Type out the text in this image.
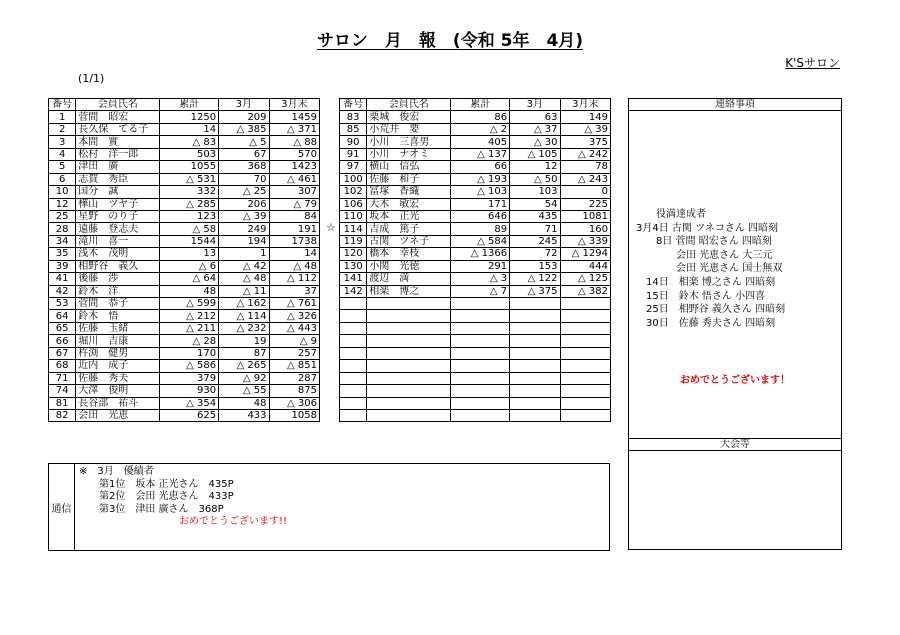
サロン　月　報　(令和 5年　4月)
K'Sサロン
(1/1)
番号	会員氏名	累計	3月	3月末
1	菅間　昭宏	1250	209	1459
2	長久保　てる子	14	△ 385	△ 371
3	本間　實	△ 83	△ 5	△ 88
4	松村　洋一郎	503	67	570
5	津田　廣	1055	368	1423
6	志賀　秀臣	△ 531	70	△ 461
10	国分　誠	332	△ 25	307
12	樺山　ツヤ子	△ 285	206	△ 79
25	星野　のり子	123	△ 39	84
28	遠藤　登志夫	△ 58	249	191
34	滝川　喜一	1544	194	1738
35	浅木　茂明	13	1	14
39	相野谷　義久	△ 6	△ 42	△ 48
41	後藤　渉	△ 64	△ 48	△ 112
42	鈴木　洋	48	△ 11	37
53	菅間　恭子	△ 599	△ 162	△ 761
64	鈴木　悟	△ 212	△ 114	△ 326
65	佐藤　玉緒	△ 211	△ 232	△ 443
66	堀川　吉康	△ 28	19	△ 9
67	杵渕　健男	170	87	257
68	近内　成子	△ 586	△ 265	△ 851
71	佐藤　秀夫	379	△ 92	287
74	大澤　俊明	930	△ 55	875
81	長谷部　祐斗	△ 354	48	△ 306
82	会田　光恵	625	433	1058
☆
番号	会員氏名	累計	3月	3月末
83	栗城　俊宏	86	63	149
85	小荒井　要	△ 2	△ 37	△ 39
90	小川　三喜男	405	△ 30	375
91	小川　ナオミ	△ 137	△ 105	△ 242
97	横山　信弘	66	12	78
100	佐藤　和子	△ 193	△ 50	△ 243
102	冨塚　香織	△ 103	103	0
106	大木　敏宏	171	54	225
110	坂本　正光	646	435	1081
114	吉成　篤子	89	71	160
119	古関　ツネ子	△ 584	245	△ 339
120	橋本　幸枝	△ 1366	72	△ 1294
130	小関　光徳	291	153	444
141	渡辺　満	△ 3	△ 122	△ 125
142	相楽　博之	△ 7	△ 375	△ 382

連絡事項
　　役満達成者
3月4日 古関 ツネコさん 四暗刻
　　8日 菅間 昭宏さん 四暗刻
　　　　会田 光恵さん 大三元
　　　　会田 光恵さん 国士無双
　14日　相楽 博之さん 四暗刻
　15日　鈴木 悟さん 小四喜
　25日　相野谷 義久さん 四暗刻
　30日　佐藤 秀夫さん 四暗刻
おめでとうございます！
大会等
通信
※　3月　優績者
　　第1位　坂本 正光さん　435P
　　第2位　会田 光恵さん　433P
　　第3位　津田 廣さん　368P
おめでとうございます!!
